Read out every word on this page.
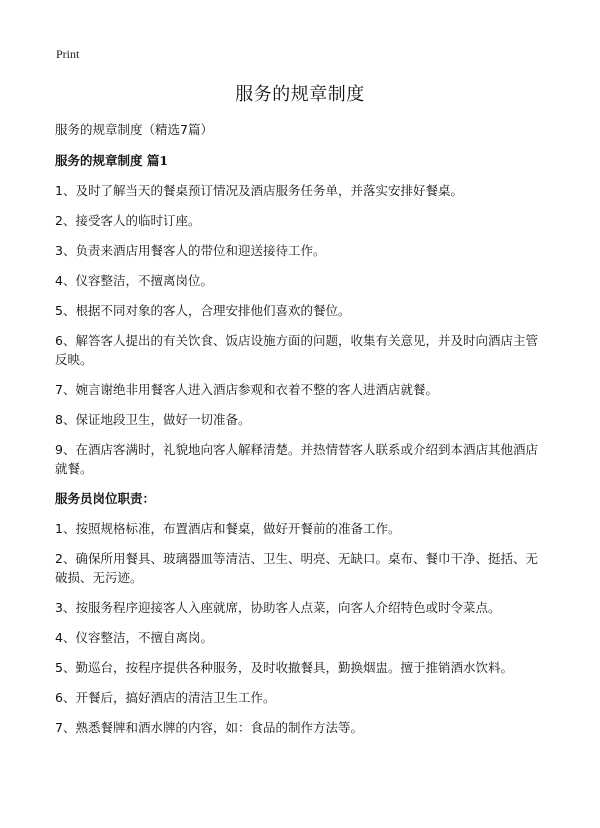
Print
服务的规章制度

服务的规章制度（精选7篇）

服务的规章制度 篇1

1、及时了解当天的餐桌预订情况及酒店服务任务单，并落实安排好餐桌。

2、接受客人的临时订座。

3、负责来酒店用餐客人的带位和迎送接待工作。

4、仪容整洁，不擅离岗位。

5、根据不同对象的客人，合理安排他们喜欢的餐位。

6、解答客人提出的有关饮食、饭店设施方面的问题，收集有关意见，并及时向酒店主管反映。

7、婉言谢绝非用餐客人进入酒店参观和衣着不整的客人进酒店就餐。

8、保证地段卫生，做好一切准备。

9、在酒店客满时，礼貌地向客人解释清楚。并热情替客人联系或介绍到本酒店其他酒店就餐。

服务员岗位职责：

1、按照规格标准，布置酒店和餐桌，做好开餐前的准备工作。

2、确保所用餐具、玻璃器皿等清洁、卫生、明亮、无缺口。桌布、餐巾干净、挺括、无破损、无污迹。

3、按服务程序迎接客人入座就席，协助客人点菜，向客人介绍特色或时令菜点。

4、仪容整洁，不擅自离岗。

5、勤巡台，按程序提供各种服务，及时收撤餐具，勤换烟盅。擅于推销酒水饮料。

6、开餐后，搞好酒店的清洁卫生工作。

7、熟悉餐牌和酒水牌的内容，如：食品的制作方法等。
